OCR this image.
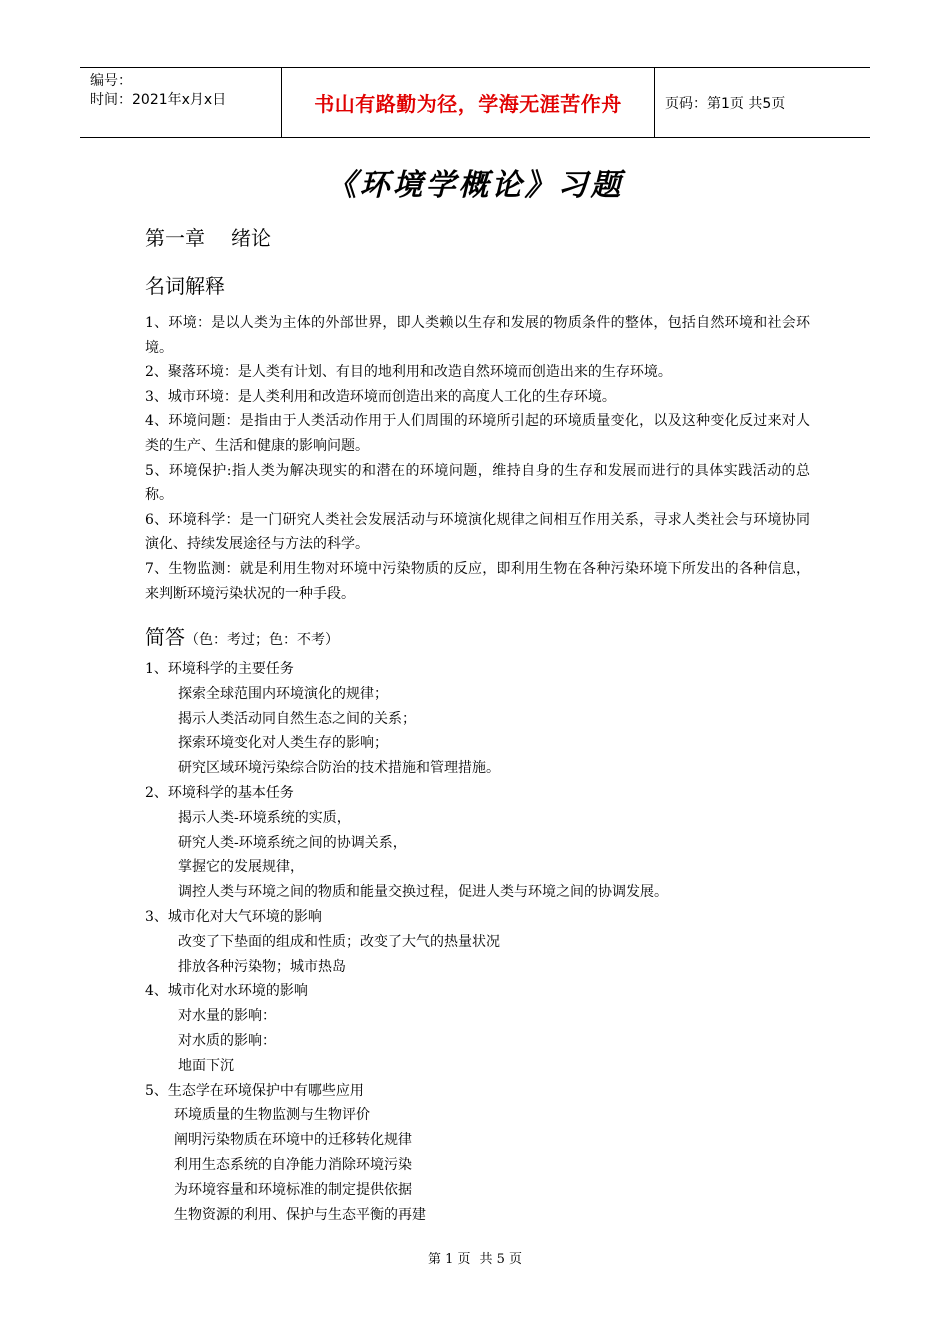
编号：
时间：2021年x月x日	书山有路勤为径，学海无涯苦作舟	页码：第1页 共5页
《环境学概论》习题
第一章 绪论
名词解释

1、环境：是以人类为主体的外部世界，即人类赖以生存和发展的物质条件的整体，包括自然环境和社会环境。

2、聚落环境：是人类有计划、有目的地利用和改造自然环境而创造出来的生存环境。

3、城市环境：是人类利用和改造环境而创造出来的高度人工化的生存环境。

4、环境问题：是指由于人类活动作用于人们周围的环境所引起的环境质量变化，以及这种变化反过来对人类的生产、生活和健康的影响问题。

5、环境保护:指人类为解决现实的和潜在的环境问题，维持自身的生存和发展而进行的具体实践活动的总称。

6、环境科学：是一门研究人类社会发展活动与环境演化规律之间相互作用关系，寻求人类社会与环境协同演化、持续发展途径与方法的科学。

7、生物监测：就是利用生物对环境中污染物质的反应，即利用生物在各种污染环境下所发出的各种信息，来判断环境污染状况的一种手段。

简答（色：考过；色：不考）

1、环境科学的主要任务

探索全球范围内环境演化的规律；

揭示人类活动同自然生态之间的关系；

探索环境变化对人类生存的影响；

研究区域环境污染综合防治的技术措施和管理措施。

2、环境科学的基本任务

揭示人类-环境系统的实质，

研究人类-环境系统之间的协调关系，

掌握它的发展规律，

调控人类与环境之间的物质和能量交换过程，促进人类与环境之间的协调发展。

3、城市化对大气环境的影响

改变了下垫面的组成和性质；改变了大气的热量状况

排放各种污染物；城市热岛

4、城市化对水环境的影响

对水量的影响：

对水质的影响：

地面下沉

5、生态学在环境保护中有哪些应用

环境质量的生物监测与生物评价

阐明污染物质在环境中的迁移转化规律

利用生态系统的自净能力消除环境污染

为环境容量和环境标准的制定提供依据

生物资源的利用、保护与生态平衡的再建

第 1 页 共 5 页
